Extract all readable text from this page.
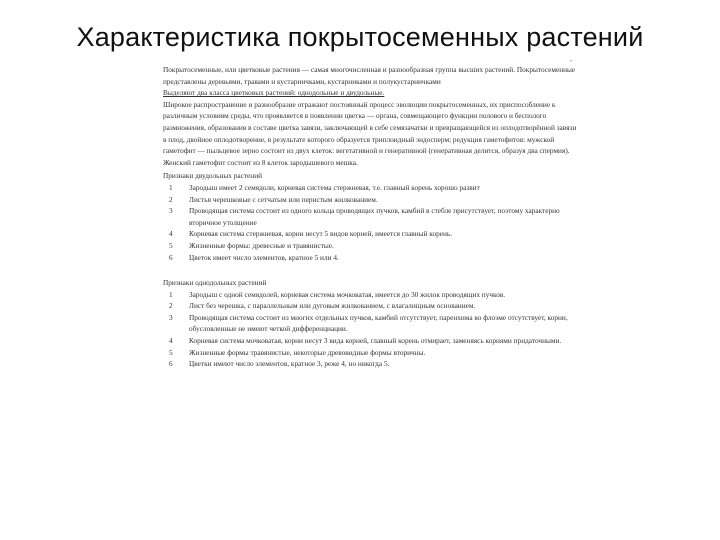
Характеристика покрытосеменных растений
-

Покрытосеменные, или цветковые растения — самая многочисленная и разнообразная группа высших растений. Покрытосеменные представлены деревьями, травами и кустарничками, кустарниками и полукустарничками

Выделяют два класса цветковых растений: однодольные и двудольные.

Широкое распространение и разнообразие отражают постоянный процесс эволюции покрытосеменных, их приспособление к различным условиям среды, что проявляется в появлении цветка — органа, совмещающего функции полового и бесполого размножения, образования в составе цветка завязи, заключающей в себе семязачатки и превращающейся из оплодотворённой завязи в плод, двойное оплодотворение, в результате которого образуется триплоидный эндосперм; редукция гаметофитов: мужской гаметофит — пыльцевое зерно состоит из двух клеток: вегетативной и генеративной (генеративная делится, образуя два спермия). Женский гаметофит состоит из 8 клеток зародышевого мешка.

Признаки двудольных растений
1	Зародыш имеет 2 семядоли, корневая система стержневая, т.е. главный корень хорошо развит
2	Листья черешковые с сетчатым или перистым жилкованием.
3	Проводящая система состоит из одного кольца проводящих пучков, камбий в стебле присутствует, поэтому характерно вторичное утолщение
4	Корневая система стержневая, корни несут 5 видов корней, имеется главный корень.
5	Жизненные формы: древесные и травянистые.
6	Цветок имеет число элементов, кратное 5 или 4.
Признаки однодольных растений
1	Зародыш с одной семядолей, корневая система мочковатая, имеется до 30 жилок проводящих пучков.
2	Лист без черешка, с параллельным или дуговым жилкованием, с влагалищным основанием.
3	Проводящая система состоит из многих отдельных пучков, камбий отсутствует, паренхима во флоэме отсутствует, корни, обусловленные не имеют четкой дифференциации.
4	Корневая система мочковатая, корни несут 3 вида корней, главный корень отмирает, заменяясь корнями придаточными.
5	Жизненные формы травянистые, некоторые древовидные формы вторичны.
6	Цветки имеют число элементов, кратное 3, реже 4, но никогда 5.
